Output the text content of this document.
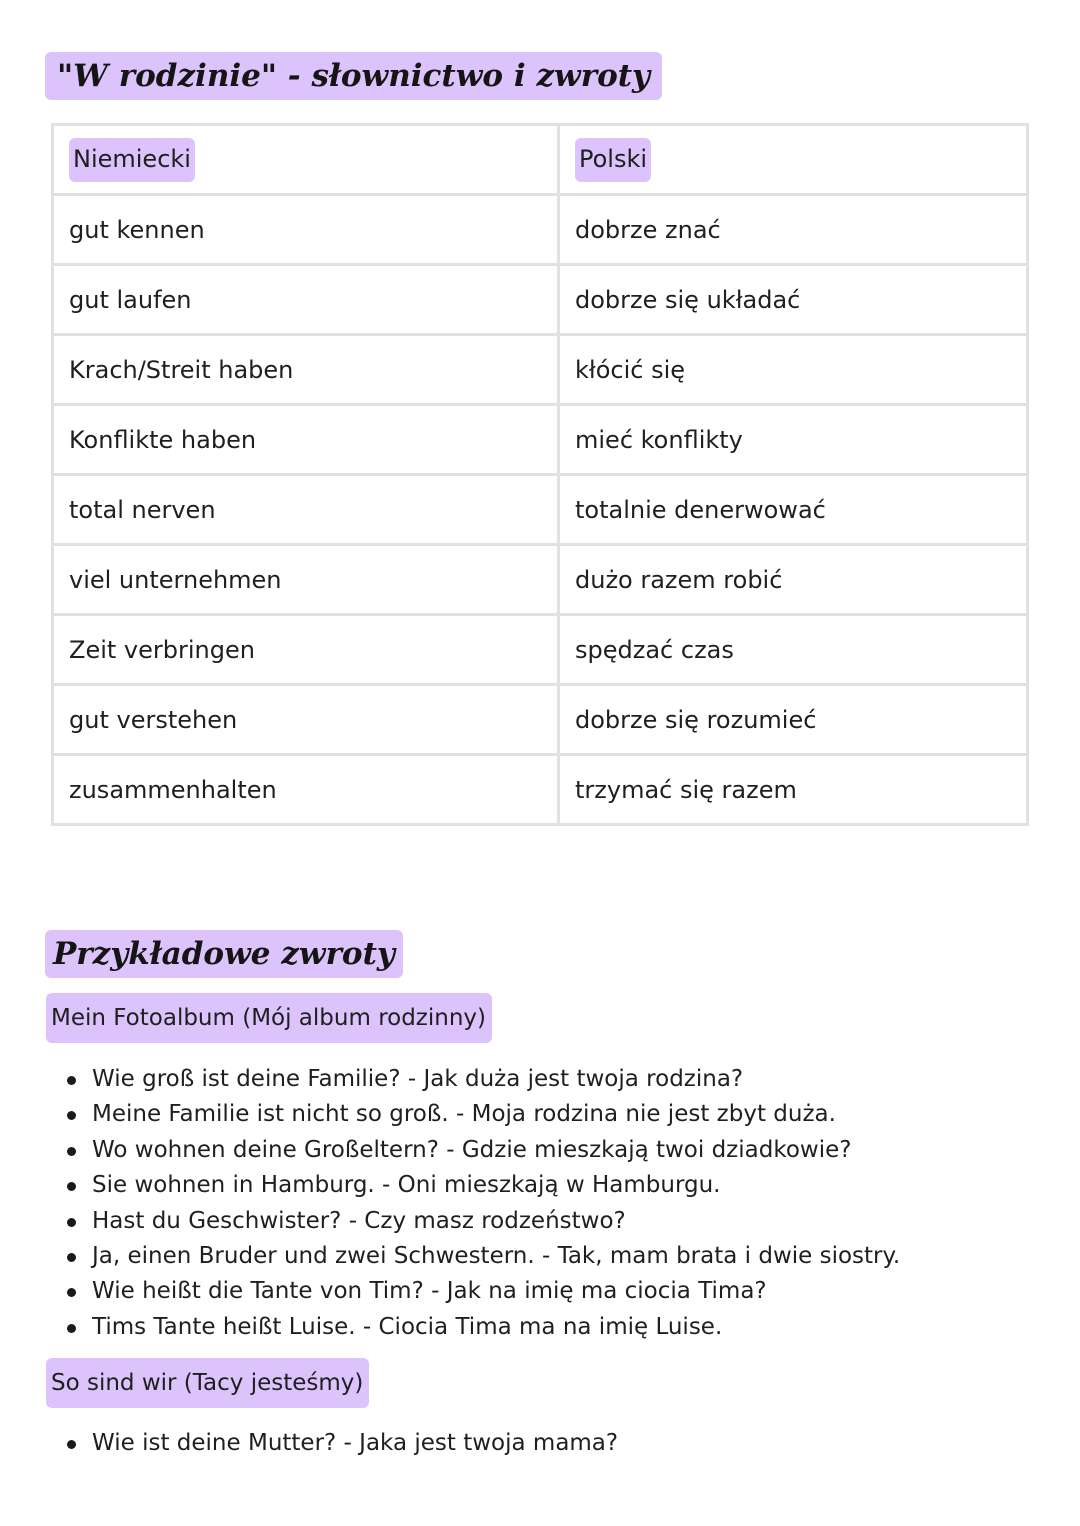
"W rodzinie" - słownictwo i zwroty
Niemiecki	Polski
gut kennen	dobrze znać
gut laufen	dobrze się układać
Krach/Streit haben	kłócić się
Konflikte haben	mieć konflikty
total nerven	totalnie denerwować
viel unternehmen	dużo razem robić
Zeit verbringen	spędzać czas
gut verstehen	dobrze się rozumieć
zusammenhalten	trzymać się razem
Przykładowe zwroty
Mein Fotoalbum (Mój album rodzinny)
Wie groß ist deine Familie? - Jak duża jest twoja rodzina?
Meine Familie ist nicht so groß. - Moja rodzina nie jest zbyt duża.
Wo wohnen deine Großeltern? - Gdzie mieszkają twoi dziadkowie?
Sie wohnen in Hamburg. - Oni mieszkają w Hamburgu.
Hast du Geschwister? - Czy masz rodzeństwo?
Ja, einen Bruder und zwei Schwestern. - Tak, mam brata i dwie siostry.
Wie heißt die Tante von Tim? - Jak na imię ma ciocia Tima?
Tims Tante heißt Luise. - Ciocia Tima ma na imię Luise.
So sind wir (Tacy jesteśmy)
Wie ist deine Mutter? - Jaka jest twoja mama?
